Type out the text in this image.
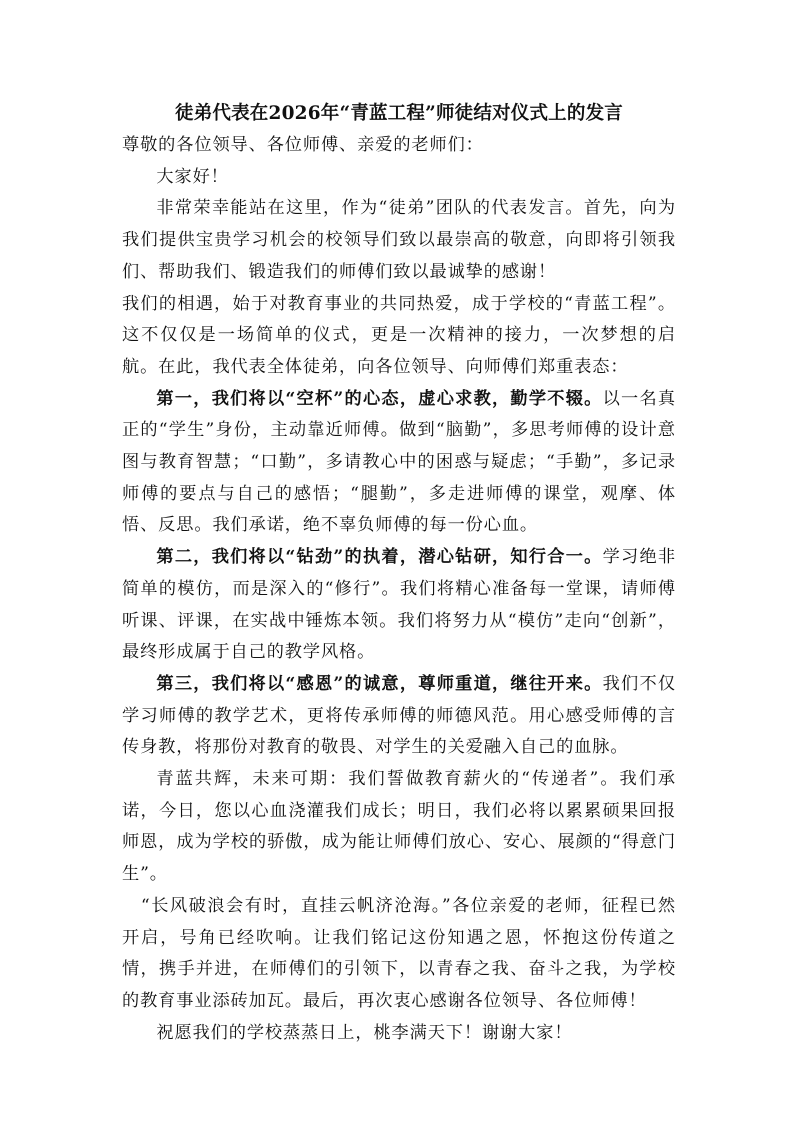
徒弟代表在2026年“青蓝工程”师徒结对仪式上的发言

尊敬的各位领导、各位师傅、亲爱的老师们：

大家好！

非常荣幸能站在这里，作为“徒弟”团队的代表发言。首先，向为我们提供宝贵学习机会的校领导们致以最崇高的敬意，向即将引领我们、帮助我们、锻造我们的师傅们致以最诚挚的感谢！

我们的相遇，始于对教育事业的共同热爱，成于学校的“青蓝工程”。这不仅仅是一场简单的仪式，更是一次精神的接力，一次梦想的启航。在此，我代表全体徒弟，向各位领导、向师傅们郑重表态：

第一，我们将以“空杯”的心态，虚心求教，勤学不辍。以一名真正的“学生”身份，主动靠近师傅。做到“脑勤”，多思考师傅的设计意图与教育智慧；“口勤”，多请教心中的困惑与疑虑；“手勤”，多记录师傅的要点与自己的感悟；“腿勤”，多走进师傅的课堂，观摩、体悟、反思。我们承诺，绝不辜负师傅的每一份心血。

第二，我们将以“钻劲”的执着，潜心钻研，知行合一。学习绝非简单的模仿，而是深入的“修行”。我们将精心准备每一堂课，请师傅听课、评课，在实战中锤炼本领。我们将努力从“模仿”走向“创新”，最终形成属于自己的教学风格。

第三，我们将以“感恩”的诚意，尊师重道，继往开来。我们不仅学习师傅的教学艺术，更将传承师傅的师德风范。用心感受师傅的言传身教，将那份对教育的敬畏、对学生的关爱融入自己的血脉。

青蓝共辉，未来可期：我们誓做教育薪火的“传递者”。我们承诺，今日，您以心血浇灌我们成长；明日，我们必将以累累硕果回报师恩，成为学校的骄傲，成为能让师傅们放心、安心、展颜的“得意门生”。

“长风破浪会有时，直挂云帆济沧海。”各位亲爱的老师，征程已然开启，号角已经吹响。让我们铭记这份知遇之恩，怀抱这份传道之情，携手并进，在师傅们的引领下，以青春之我、奋斗之我，为学校的教育事业添砖加瓦。最后，再次衷心感谢各位领导、各位师傅！

祝愿我们的学校蒸蒸日上，桃李满天下！谢谢大家！
